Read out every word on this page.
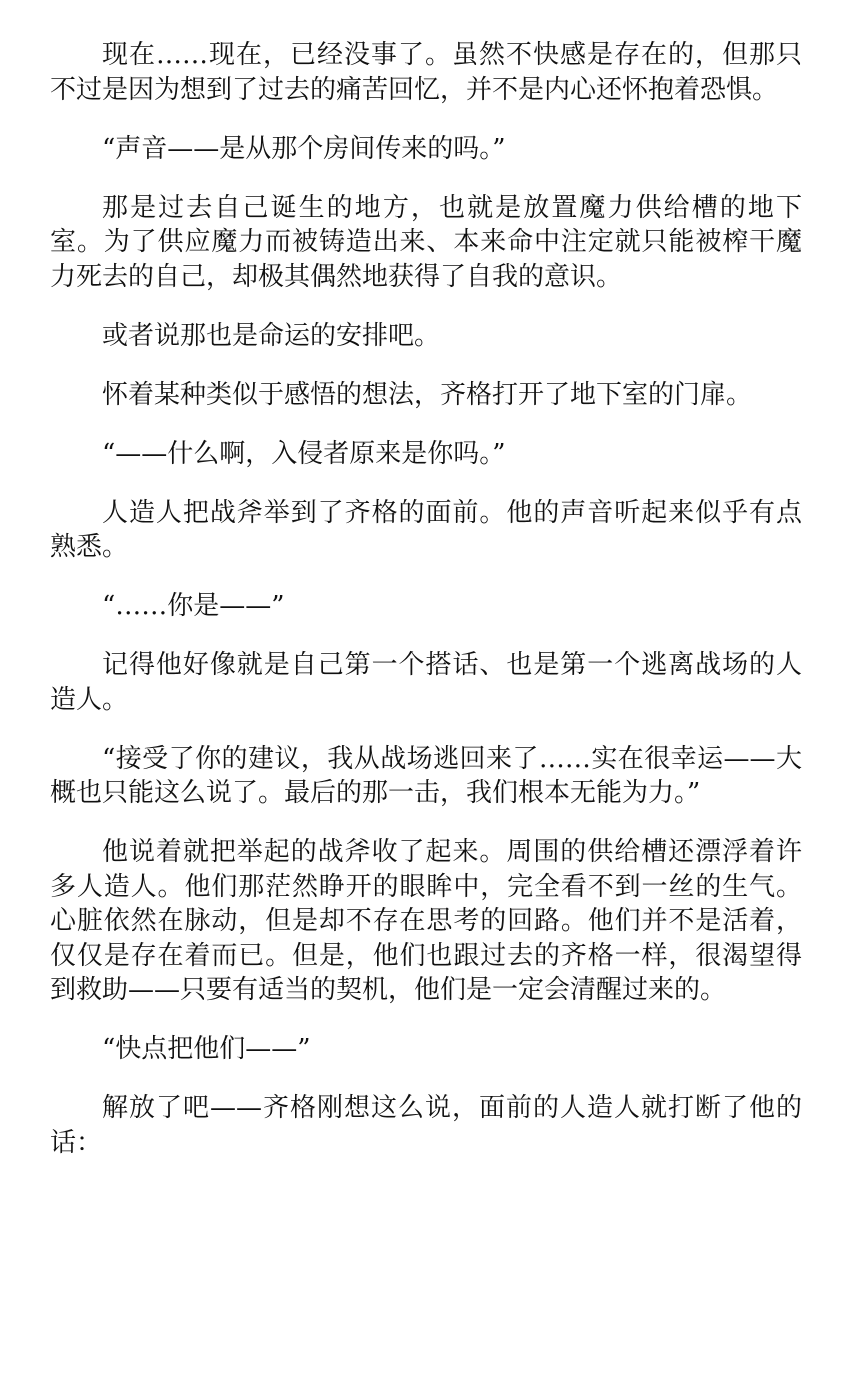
现在……现在，已经没事了。虽然不快感是存在的，但那只不过是因为想到了过去的痛苦回忆，并不是内心还怀抱着恐惧。

“声音——是从那个房间传来的吗。”

那是过去自己诞生的地方，也就是放置魔力供给槽的地下室。为了供应魔力而被铸造出来、本来命中注定就只能被榨干魔力死去的自己，却极其偶然地获得了自我的意识。

或者说那也是命运的安排吧。

怀着某种类似于感悟的想法，齐格打开了地下室的门扉。

“——什么啊，入侵者原来是你吗。”

人造人把战斧举到了齐格的面前。他的声音听起来似乎有点熟悉。

“……你是——”

记得他好像就是自己第一个搭话、也是第一个逃离战场的人造人。

“接受了你的建议，我从战场逃回来了……实在很幸运——大概也只能这么说了。最后的那一击，我们根本无能为力。”

他说着就把举起的战斧收了起来。周围的供给槽还漂浮着许多人造人。他们那茫然睁开的眼眸中，完全看不到一丝的生气。心脏依然在脉动，但是却不存在思考的回路。他们并不是活着，仅仅是存在着而已。但是，他们也跟过去的齐格一样，很渴望得到救助——只要有适当的契机，他们是一定会清醒过来的。

“快点把他们——”

解放了吧——齐格刚想这么说，面前的人造人就打断了他的话：
